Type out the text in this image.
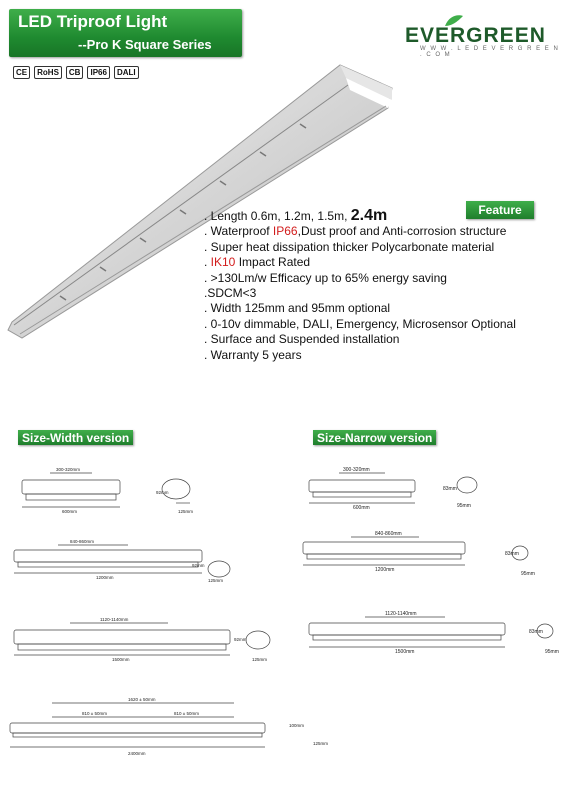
LED Triproof Light
--Pro K Square Series	EVERGREEN
W W W . L E D E V E R G R E E N . C O M
CE	RoHS	CB	IP66	DALI
Feature
. Length 0.6m, 1.2m, 1.5m, 2.4m
. Waterproof IP66,Dust proof and Anti-corrosion structure
. Super heat dissipation thicker Polycarbonate material
. IK10 Impact Rated
. >130Lm/w Efficacy up to 65% energy saving
.SDCM<3
. Width 125mm and 95mm optional
. 0-10v dimmable, DALI, Emergency, Microsensor Optional
. Surface and Suspended installation
. Warranty 5 years
Size-Width version	Size-Narrow version
300-320mm
600mm
92mm
125mm
840-860mm
1200mm
92mm
125mm
1120-1140mm
1500mm
92mm
125mm
1620 ± 50mm
810 ± 50mm	810 ± 50mm
2400mm
300-320mm
600mm
83mm
95mm
840-860mm
1200mm
83mm
95mm
1120-1140mm
1500mm
83mm
95mm
100mm
125mm
